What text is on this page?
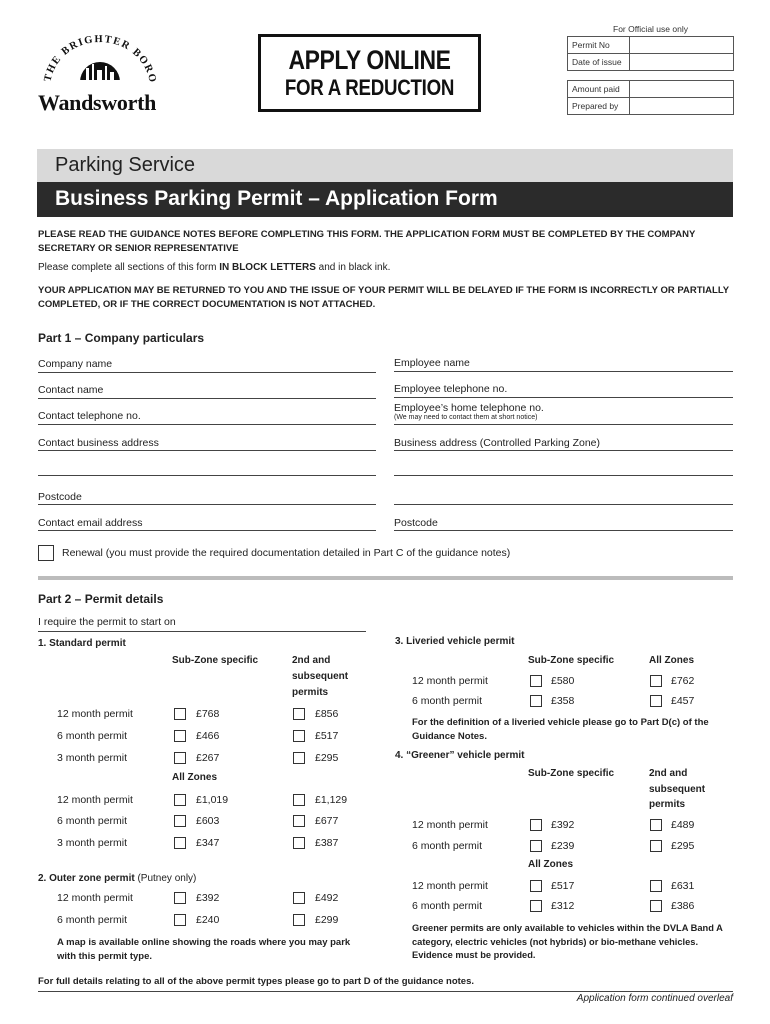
THE BRIGHTER BORO
Wandsworth
APPLY ONLINE
FOR A REDUCTION
For Official use only
Permit No
Date of issue
Amount paid
Prepared by
Parking Service
Business Parking Permit – Application Form
PLEASE READ THE GUIDANCE NOTES BEFORE COMPLETING THIS FORM. THE APPLICATION FORM MUST BE COMPLETED BY THE COMPANY SECRETARY OR SENIOR REPRESENTATIVE
Please complete all sections of this form IN BLOCK LETTERS and in black ink.
YOUR APPLICATION MAY BE RETURNED TO YOU AND THE ISSUE OF YOUR PERMIT WILL BE DELAYED IF THE FORM IS INCORRECTLY OR PARTIALLY COMPLETED, OR IF THE CORRECT DOCUMENTATION IS NOT ATTACHED.
Part 1 – Company particulars
Company name
Contact name
Contact telephone no.
Contact business address
Postcode
Contact email address
Employee name
Employee telephone no.
Employee’s home telephone no.
(We may need to contact them at short notice)
Business address (Controlled Parking Zone)
Postcode
Renewal (you must provide the required documentation detailed in Part C of the guidance notes)
Part 2 – Permit details
I require the permit to start on
1. Standard permit
Sub-Zone specific	2nd and
subsequent
permits
12 month permit	£768	£856
6 month permit	£466	£517
3 month permit	£267	£295
All Zones
12 month permit	£1,019	£1,129
6 month permit	£603	£677
3 month permit	£347	£387
2. Outer zone permit (Putney only)
12 month permit	£392	£492
6 month permit	£240	£299
A map is available online showing the roads where you may park with this permit type.
3. Liveried vehicle permit
Sub-Zone specific	All Zones
12 month permit	£580	£762
6 month permit	£358	£457
For the definition of a liveried vehicle please go to Part D(c) of the Guidance Notes.
4. “Greener” vehicle permit
Sub-Zone specific	2nd and
subsequent
permits
12 month permit	£392	£489
6 month permit	£239	£295
All Zones
12 month permit	£517	£631
6 month permit	£312	£386
Greener permits are only available to vehicles within the DVLA Band A category, electric vehicles (not hybrids) or bio-methane vehicles. Evidence must be provided.
For full details relating to all of the above permit types please go to part D of the guidance notes.
Application form continued overleaf
